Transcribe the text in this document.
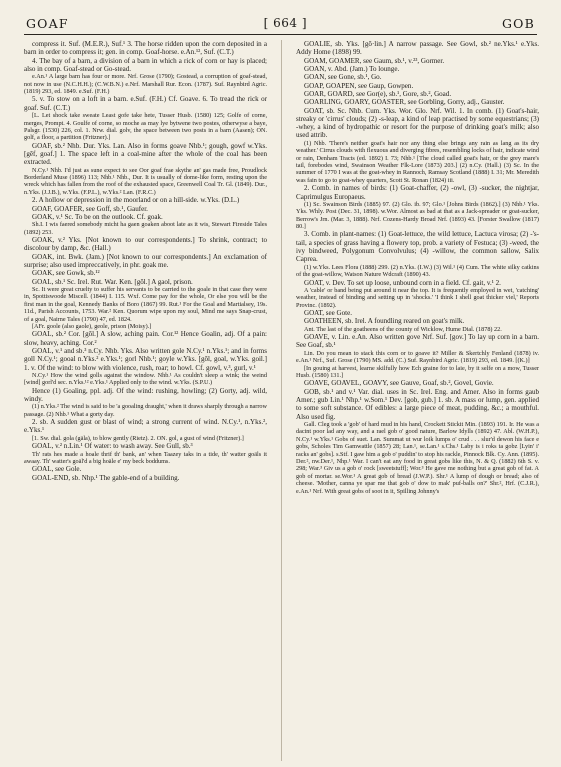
GOAF	[ 664 ]	GOB

compress it. Suf. (M.E.R.), Suf.¹ 3. The horse ridden upon the corn deposited in a barn in order to compress it; gen. in comp. Goaf-horse. e.An.¹², Suf. (C.T.)

4. The bay of a barn, a division of a barn in which a rick of corn or hay is placed; also in comp. Goaf-stead or Go-stead.

e.An.¹ A large barn has four or more. Nrf. Grose (1790); Gostead, a corruption of goaf-stead, not now in use (N.C.H.H.); (C.W.B.N.) e.Nrf. Marshall Rur. Econ. (1787). Suf. Raynbird Agric. (1819) 293, ed. 1849. e.Suf. (F.H.)

5. v. To stow on a loft in a barn. e.Suf. (F.H.) Cf. Goave. 6. To tread the rick or goaf. Suf. (C.T.)

[L. Let shock take sweate Least gofe take hete, Tusser Husb. (1580) 125; Golfe of corne, merges, Prompt. 4. Goulfe of corne, so moche as may lye bytwene two postes, otherwyse a baye, Palsgr. (1530) 226, col. 1. Nrw. dial. golv, the space between two posts in a barn (Aasen); ON. golf, a floor, a partition (Fritzner).]

GOAF, sb.² Nhb. Dur. Yks. Lan. Also in forms goave Nhb.¹; gough, gowf w.Yks. [gēf, goəf.] 1. The space left in a coal-mine after the whole of the coal has been extracted.

N.Cy.¹ Nhb. I'd just as sune expect to see Oor goaf frae skythe an' gas made free, Proudlock Borderland Muse (1896) 113; Nhb.¹ Nhb., Dur. It is usually of dome-like form, resting upon the wreck which has fallen from the roof of the exhausted space, Greenwell Coal Tr. Gl. (1849). Dur., n.Yks. (J.J.B.), w.Yks. (F.P.L.), w.Yks.² Lan. (F.R.C.)

2. A hollow or depression in the moorland or on a hill-side. w.Yks. (D.L.)

GOAF, GOAFER, see Goff, sb.¹, Gaufer.

GOAK, v.¹ Sc. To be on the outlook. Cf. goak.

Sh.I. I wis faered somebody micht ha gaen goaken aboot late as it wis, Stewart Fireside Tales (1892) 253.

GOAK, v.² Yks. [Not known to our correspondents.] To shrink, contract; to discolour by damp, &c. (Hall.)

GOAK, int. Bwk. (Jam.) [Not known to our correspondents.] An exclamation of surprise; also used impreccatively, in phr. goak me.

GOAK, see Gowk, sb.¹²

GOAL, sb.¹ Sc. Irel. Rut. War. Ken. [gōl.] A gaol, prison.

Sc. It were great cruelty to suffer his servants to be carried to the goale in that case they were in, Spottiswoode Miscell. (1844) I. 115. Wxf. Come pay for the whole, Or else you will be the first man in the goal, Kennedy Banks of Boro (1867) 99. Rut.¹ For the Goal and Martialsey, 19s. 11d., Parish Accounts, 1753. War.² Ken. Quorum wipe upon my soul, Mind me says Snap-crust, of a goal, Nairne Tales (1790) 47, ed. 1824.

[AFr. goole (also gaole), geole, prison (Moisy).]

GOAL, sb.² Cor. [gōl.] A slow, aching pain. Cor.¹² Hence Goalin, adj. Of a pain: slow, heavy, aching. Cor.²

GOAL, v.¹ and sb.³ n.Cy. Nhb. Yks. Also written gole N.Cy.¹ n.Yks.¹; and in forms goll N.Cy.¹; gooal n.Yks.² e.Yks.¹; gorl Nhb.¹; goyle w.Yks. [gōl, goəl, w.Yks. goil.] 1. v. Of the wind: to blow with violence, rush, roar; to howl. Cf. gowl, v.³, gurl, v.¹

N.Cy.¹ How the wind golls against the window. Nhb.¹ As couldn't sleep a wink; the weind [wind] gorl'd sec. n.Yks.¹² e.Yks.¹ Applied only to the wind. w.Yks. (S.P.U.)

Hence (1) Goaling, ppl. adj. Of the wind: rushing, howling; (2) Gorty, adj. wild, windy.

(1) n.Yks.² The wind is said to be 'a gooaling draught,' when it draws sharply through a narrow passage. (2) Nhb.¹ What a gorty day.

2. sb. A sudden gust or blast of wind; a strong current of wind. N.Cy.¹, n.Yks.², e.Yks.¹

[1. Sw. dial. gola (gāla), to blow gently (Rietz). 2. ON. gol, a gust of wind (Fritzner).]

GOAL, v.² n.Lin.¹ Of water: to wash away. See Gull, sb.³

Th' rats hes made a hoale thrif th' bank, an' when Taazey taks in a tide, th' watter goäls it awaay. Th' watter's goäl'd a big hoäle e' my beck boddums.

GOAL, see Gole.

GOAL-END, sb. Nhp.¹ The gable-end of a building.

GOALIE, sb. Yks. [gō·lin.] A narrow passage. See Gowl, sb.² ne.Yks.¹ e.Yks. Addy Home (1898) 99.

GOAM, GOAMER, see Gaum, sb.¹, v.²³, Gormer.

GOAN, v. Abd. (Jam.) To lounge.

GOAN, see Gone, sb.¹, Go.

GOAP, GOAPEN, see Gaup, Gowpen.

GOAR, GOARD, see Gor(e), sb.¹, Gore, sb.², Goad.

GOARLING, GOARY, GOASTER, see Gorbling, Gorry, adj., Gauster.

GOAT, sb. Sc. Nhb. Cum. Yks. Wor. Glo. Nrf. Wil. 1. In comb. (1) Goat's-hair, streaky or 'cirrus' clouds; (2) -s-leap, a kind of leap practised by some equestrians; (3) -whey, a kind of hydropathic or resort for the purpose of drinking goat's milk; also used attrib.

(1) Nhb. 'There's neither goat's hair nor any thing else brings any rain as lang as its dry weather.' Cirrus clouds with flexuous and diverging fibres, resembling locks of hair, indicate wind or rain, Denham Tracts (ed. 1892) I. 73; Nhb.¹ [The cloud called goat's hair, or the grey mare's tail, forebodes wind, Swainson Weather Flk-Lore (1873) 203.] (2) n.Cy. (Hall.) (3) Sc. In the summer of 1770 I was at the goat-whey in Rannoch, Ramsay Scotland (1888) I. 31; Mr. Meredith was fain to go to goat-whey quarters, Scott St. Ronan (1824) iii.

2. Comb. in names of birds: (1) Goat-chaffer, (2) -owl, (3) -sucker, the nightjar, Caprimulgus Europaeus.

(1) Sc. Swainson Birds (1885) 97. (2) Glo. ib. 97; Glo.¹ [Johns Birds (1862).] (3) Nhb.¹ Yks. Yks. Whly. Post (Dec. 31, 1898). w.Wor. Almost as bad at that as a Jack-spreader or goat-sucker, Berrow's Jrn. (Mar. 3, 1888). Nrf. Cozens-Hardy Broad Nrf. (1893) 43. [Forster Swallow (1817) 80.]

3. Comb. in plant-names: (1) Goat-lettuce, the wild lettuce, Lactuca virosa; (2) -'s-tail, a species of grass having a flowery top, prob. a variety of Festuca; (3) -weed, the ivy bindweed, Polygonum Convolvulus; (4) -willow, the common sallow, Salix Caprea.

(1) w.Yks. Lees Flora (1888) 299. (2) n.Yks. (I.W.) (3) Wil.¹ (4) Cum. The white silky catkins of the goat-willow, Watson Nature Wdcraft (1890) 43.

GOAT, v. Dev. To set up loose, unbound corn in a field. Cf. gait, v.¹ 2.

A 'cable' or band being put around it near the top. It is frequently employed in wet, 'catching' weather, instead of binding and setting up in 'shocks.' 'I think I shell goat thicker viel,' Reports Provinc. (1892).

GOAT, see Gote.

GOATHEEN, sb. Irel. A foundling reared on goat's milk.

Ant. The last of the goatheens of the county of Wicklow, Hume Dial. (1878) 22.

GOAVE, v. Lin. e.An. Also written gove Nrf. Suf. [gov.] To lay up corn in a barn. See Goaf, sb.¹

Lin. Do you mean to stack this corn or to goave it? Miller & Skertchly Fenland (1878) iv. e.An.¹ Nrf., Suf. Grose (1790) MS. add. (C.) Suf. Raynbird Agric. (1819) 293, ed. 1849. [(K.)]

[In gouing at harvest, learne skilfully how Ech graine for to laie, by it selfe on a mow, Tusser Husb. (1580) 131.]

GOAVE, GOAVEL, GOAVY, see Gauve, Goaf, sb.², Govel, Govie.

GOB, sb.¹ and v.¹ Var. dial. uses in Sc. Irel. Eng. and Amer. Also in forms gaub Amer.; gub Lin.¹ Nhp.¹ w.Som.¹ Dev. [gob, gub.] 1. sb. A mass or lump, gen. applied to some soft substance. Of edibles: a large piece of meat, pudding, &c.; a mouthful. Also used fig.

Gall. Cleg took a 'gob' of hard mud in his hand, Crockett Stickit Min. (1893) 191. Ir. He was a dacint poor lad any way, and a rael gob o' good nature, Barlow Idylls (1892) 47. Abl. (W.H.P.), N.Cy.¹ w.Yks.¹ Gobs of suet. Lan. Summat ut wur loik lumps o' crud . . . slur'd dewon his face e gobs, Scholes Tim Gamwattle (1857) 28; Lan.¹, se.Lan.¹ s.Chs.¹ Laby is i roks ta gobz [Lyin' i' racks an' gobs]. s.Stf. I gaw him a gob o' puddin' to stop his rackle, Pinnock Blk. Cy. Ann. (1895). Der.², nw.Der.¹, Nhp.¹ War. I can't eat any food in great gobs like this, N. & Q. (1882) 6th S. v. 298; War.³ Giv us a gob o' rock [sweetstuff]; Wor.³ He gave me nothing but a great gob of fat. A gob of mortar. se.Wor.¹ A great gob of bread (J.W.P.). Shr.¹ A lump of dough or bread; also of cheese. 'Mother, canna ye spar me that gob o' dow to mak' puf-balls on?' Shr.², Hrf. (C.J.R.), e.An.¹ Nrf. With great gobs of soot in it, Spilling Johnny's
